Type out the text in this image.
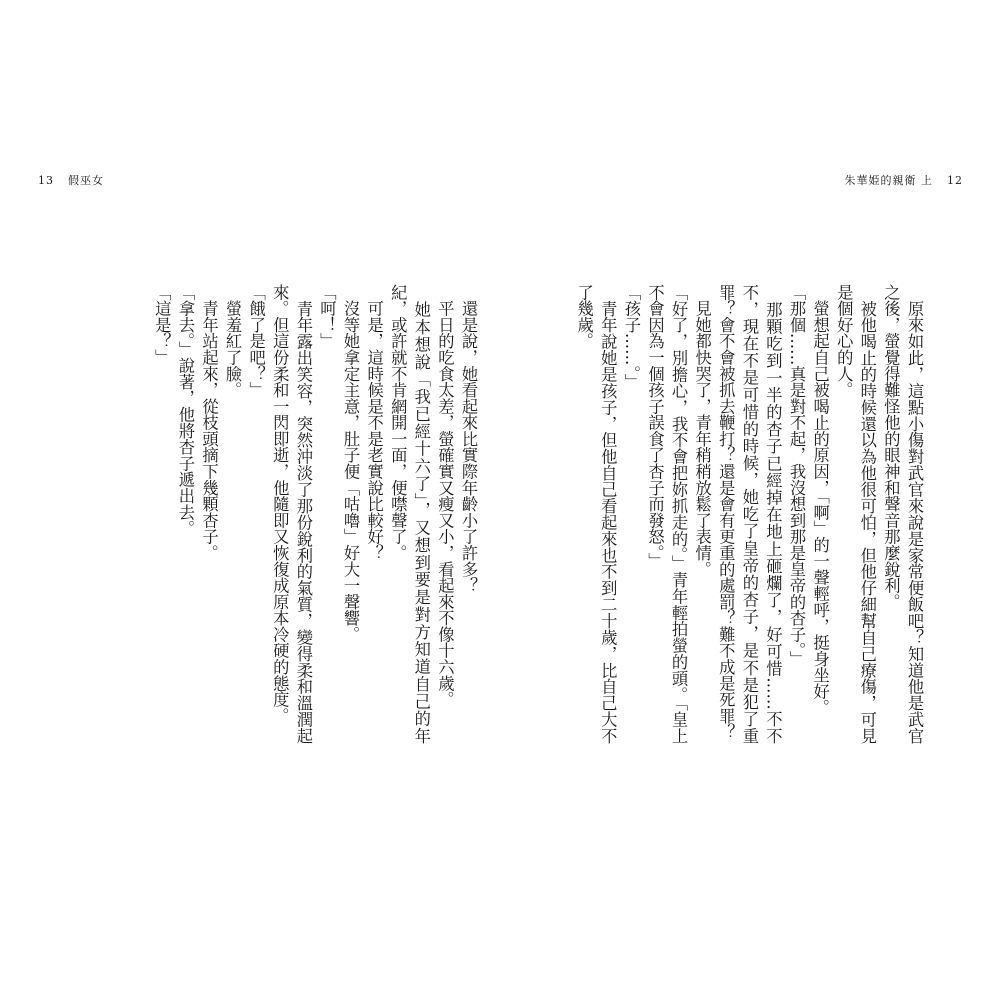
13 假巫女	朱華姫的親衛 上 12

　原來如此，這點小傷對武官來說是家常便飯吧？知道他是武官之後，螢覺得難怪他的眼神和聲音那麼銳利。

　被他喝止的時候還以為他很可怕，但他仔細幫自己療傷，可見是個好心的人。

　螢想起自己被喝止的原因，「啊」的一聲輕呼，挺身坐好。

「那個……真是對不起，我沒想到那是皇帝的杏子。」

　那顆吃到一半的杏子已經掉在地上砸爛了，好可惜……不不不，現在不是可惜的時候，她吃了皇帝的杏子，是不是犯了重罪？會不會被抓去鞭打？還是會有更重的處罰？難不成是死罪？

　見她都快哭了，青年稍稍放鬆了表情。

「好了，別擔心，我不會把妳抓走的。」青年輕拍螢的頭。「皇上不會因為一個孩子誤食了杏子而發怒。」

「孩子……。」

　青年說她是孩子，但他自己看起來也不到二十歲，比自己大不了幾歲。

　還是說，她看起來比實際年齡小了許多？

　平日的吃食太差，螢確實又瘦又小，看起來不像十六歲。

　她本想說「我已經十六了」，又想到要是對方知道自己的年紀，或許就不肯網開一面，便噤聲了。

　可是，這時候是不是老實說比較好？

　沒等她拿定主意，肚子便「咕嚕」好大一聲響。

「呵！」

　青年露出笑容，突然沖淡了那份銳利的氣質，變得柔和溫潤起來。但這份柔和一閃即逝，他隨即又恢復成原本冷硬的態度。

「餓了是吧？」

　螢羞紅了臉。

　青年站起來，從枝頭摘下幾顆杏子。

「拿去。」說著，他將杏子遞出去。

「這是？」
